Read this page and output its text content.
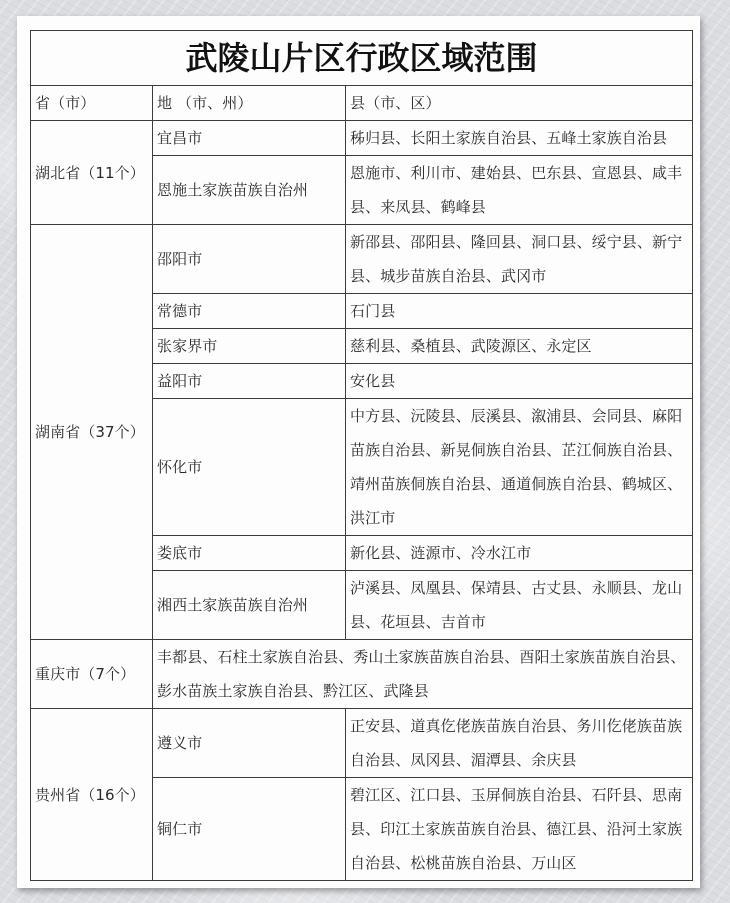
武陵山片区行政区域范围		
省（市）	地 （市、州）	县（市、区）
湖北省（11个）	宜昌市	秭归县、长阳土家族自治县、五峰土家族自治县
	恩施土家族苗族自治州	恩施市、利川市、建始县、巴东县、宣恩县、咸丰县、来凤县、鹤峰县
湖南省（37个）	邵阳市	新邵县、邵阳县、隆回县、洞口县、绥宁县、新宁县、城步苗族自治县、武冈市
	常德市	石门县
	张家界市	慈利县、桑植县、武陵源区、永定区
	益阳市	安化县
	怀化市	中方县、沅陵县、辰溪县、溆浦县、会同县、麻阳苗族自治县、新晃侗族自治县、芷江侗族自治县、靖州苗族侗族自治县、通道侗族自治县、鹤城区、洪江市
	娄底市	新化县、涟源市、冷水江市
	湘西土家族苗族自治州	泸溪县、凤凰县、保靖县、古丈县、永顺县、龙山县、花垣县、吉首市
重庆市（7个）	丰都县、石柱土家族自治县、秀山土家族苗族自治县、酉阳土家族苗族自治县、彭水苗族土家族自治县、黔江区、武隆县	
贵州省（16个）	遵义市	正安县、道真仡佬族苗族自治县、务川仡佬族苗族自治县、凤冈县、湄潭县、余庆县
	铜仁市	碧江区、江口县、玉屏侗族自治县、石阡县、思南县、印江土家族苗族自治县、德江县、沿河土家族自治县、松桃苗族自治县、万山区
